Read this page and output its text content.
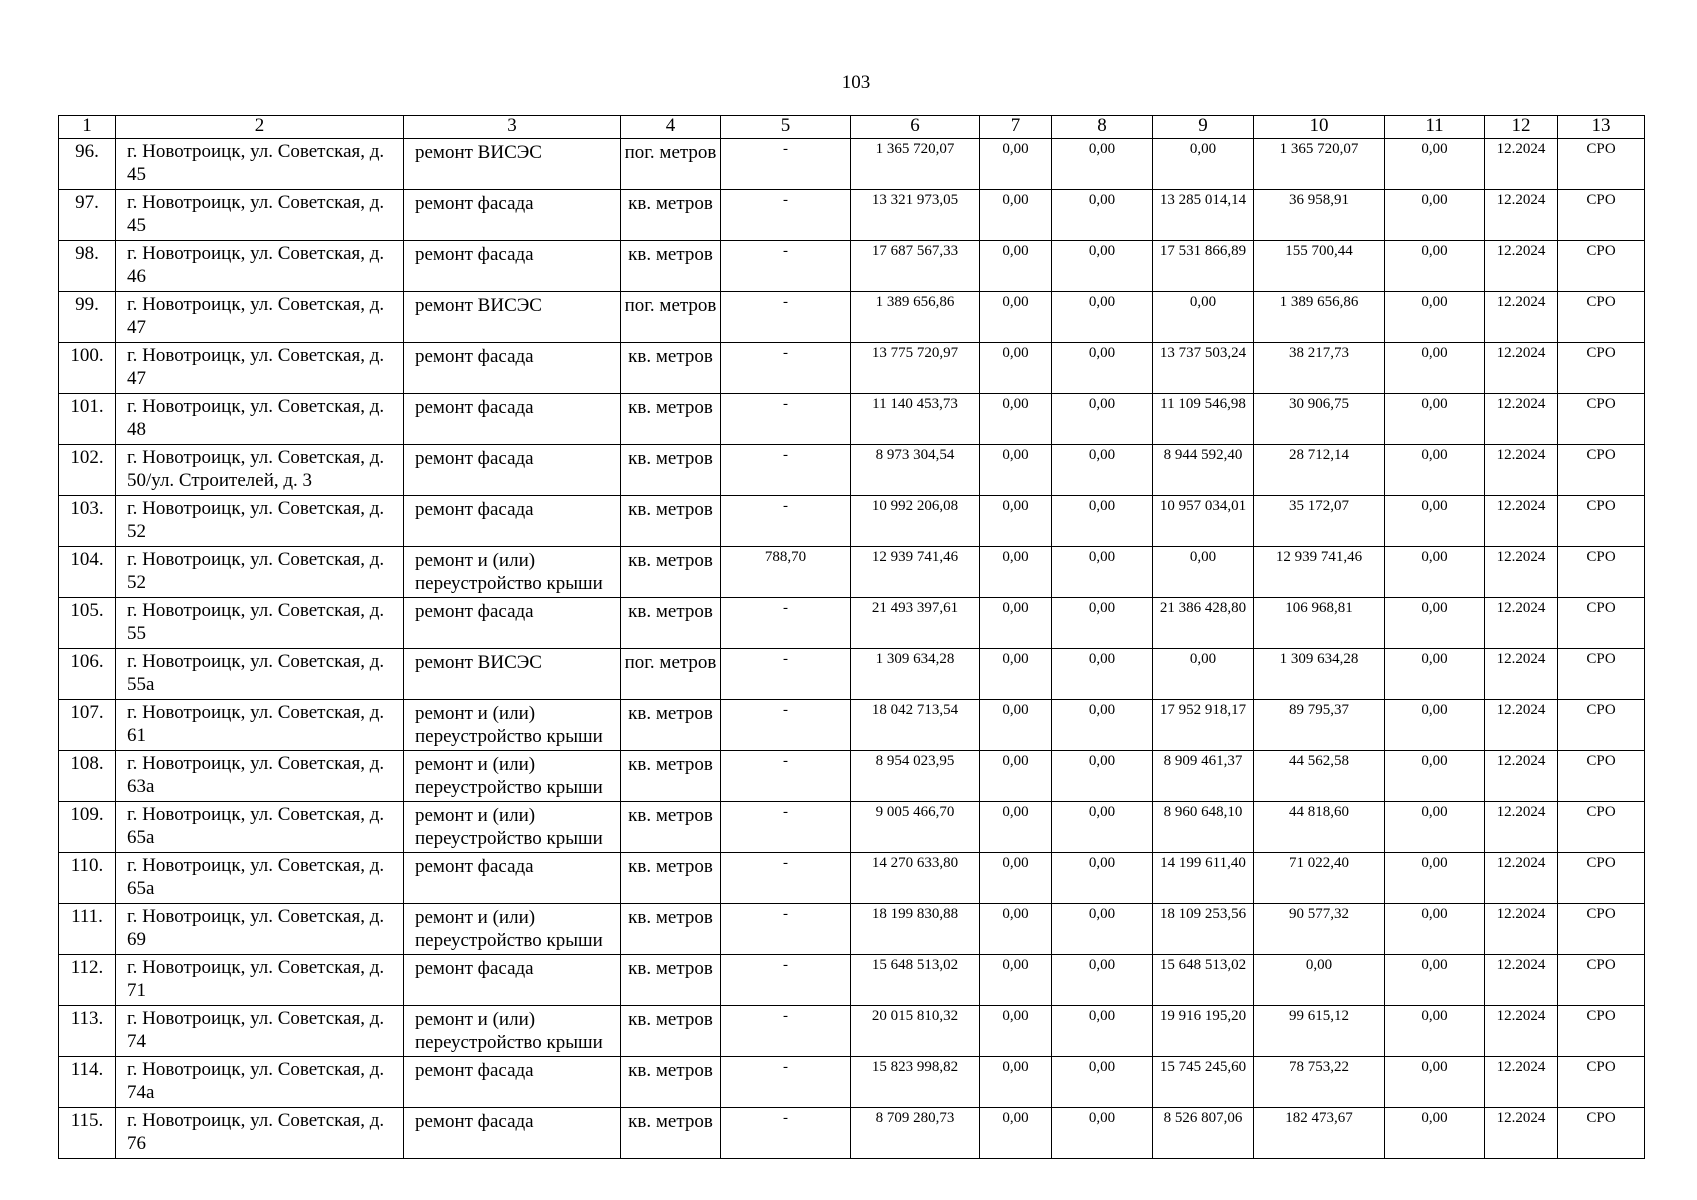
103
1	2	3	4	5	6	7	8	9	10	11	12	13
96.	г. Новотроицк, ул. Советская, д. 45	ремонт ВИСЭС	пог. метров	-	1 365 720,07	0,00	0,00	0,00	1 365 720,07	0,00	12.2024	СРО
97.	г. Новотроицк, ул. Советская, д. 45	ремонт фасада	кв. метров	-	13 321 973,05	0,00	0,00	13 285 014,14	36 958,91	0,00	12.2024	СРО
98.	г. Новотроицк, ул. Советская, д. 46	ремонт фасада	кв. метров	-	17 687 567,33	0,00	0,00	17 531 866,89	155 700,44	0,00	12.2024	СРО
99.	г. Новотроицк, ул. Советская, д. 47	ремонт ВИСЭС	пог. метров	-	1 389 656,86	0,00	0,00	0,00	1 389 656,86	0,00	12.2024	СРО
100.	г. Новотроицк, ул. Советская, д. 47	ремонт фасада	кв. метров	-	13 775 720,97	0,00	0,00	13 737 503,24	38 217,73	0,00	12.2024	СРО
101.	г. Новотроицк, ул. Советская, д. 48	ремонт фасада	кв. метров	-	11 140 453,73	0,00	0,00	11 109 546,98	30 906,75	0,00	12.2024	СРО
102.	г. Новотроицк, ул. Советская, д. 50/ул. Строителей, д. 3	ремонт фасада	кв. метров	-	8 973 304,54	0,00	0,00	8 944 592,40	28 712,14	0,00	12.2024	СРО
103.	г. Новотроицк, ул. Советская, д. 52	ремонт фасада	кв. метров	-	10 992 206,08	0,00	0,00	10 957 034,01	35 172,07	0,00	12.2024	СРО
104.	г. Новотроицк, ул. Советская, д. 52	ремонт и (или) переустройство крыши	кв. метров	788,70	12 939 741,46	0,00	0,00	0,00	12 939 741,46	0,00	12.2024	СРО
105.	г. Новотроицк, ул. Советская, д. 55	ремонт фасада	кв. метров	-	21 493 397,61	0,00	0,00	21 386 428,80	106 968,81	0,00	12.2024	СРО
106.	г. Новотроицк, ул. Советская, д. 55а	ремонт ВИСЭС	пог. метров	-	1 309 634,28	0,00	0,00	0,00	1 309 634,28	0,00	12.2024	СРО
107.	г. Новотроицк, ул. Советская, д. 61	ремонт и (или) переустройство крыши	кв. метров	-	18 042 713,54	0,00	0,00	17 952 918,17	89 795,37	0,00	12.2024	СРО
108.	г. Новотроицк, ул. Советская, д. 63а	ремонт и (или) переустройство крыши	кв. метров	-	8 954 023,95	0,00	0,00	8 909 461,37	44 562,58	0,00	12.2024	СРО
109.	г. Новотроицк, ул. Советская, д. 65а	ремонт и (или) переустройство крыши	кв. метров	-	9 005 466,70	0,00	0,00	8 960 648,10	44 818,60	0,00	12.2024	СРО
110.	г. Новотроицк, ул. Советская, д. 65а	ремонт фасада	кв. метров	-	14 270 633,80	0,00	0,00	14 199 611,40	71 022,40	0,00	12.2024	СРО
111.	г. Новотроицк, ул. Советская, д. 69	ремонт и (или) переустройство крыши	кв. метров	-	18 199 830,88	0,00	0,00	18 109 253,56	90 577,32	0,00	12.2024	СРО
112.	г. Новотроицк, ул. Советская, д. 71	ремонт фасада	кв. метров	-	15 648 513,02	0,00	0,00	15 648 513,02	0,00	0,00	12.2024	СРО
113.	г. Новотроицк, ул. Советская, д. 74	ремонт и (или) переустройство крыши	кв. метров	-	20 015 810,32	0,00	0,00	19 916 195,20	99 615,12	0,00	12.2024	СРО
114.	г. Новотроицк, ул. Советская, д. 74а	ремонт фасада	кв. метров	-	15 823 998,82	0,00	0,00	15 745 245,60	78 753,22	0,00	12.2024	СРО
115.	г. Новотроицк, ул. Советская, д. 76	ремонт фасада	кв. метров	-	8 709 280,73	0,00	0,00	8 526 807,06	182 473,67	0,00	12.2024	СРО
